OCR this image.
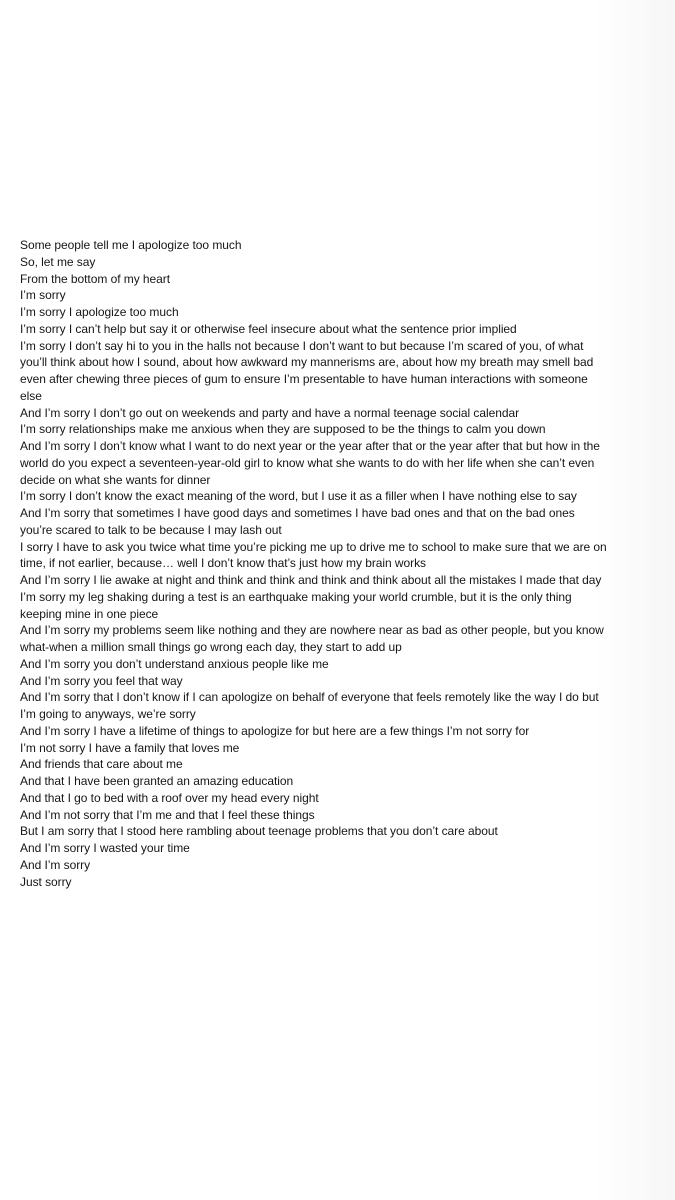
Some people tell me I apologize too much
So, let me say
From the bottom of my heart
I’m sorry
I’m sorry I apologize too much
I’m sorry I can’t help but say it or otherwise feel insecure about what the sentence prior implied
I’m sorry I don’t say hi to you in the halls not because I don’t want to but because I’m scared of you, of what you’ll think about how I sound, about how awkward my mannerisms are, about how my breath may smell bad even after chewing three pieces of gum to ensure I’m presentable to have human interactions with someone else
And I’m sorry I don’t go out on weekends and party and have a normal teenage social calendar
I’m sorry relationships make me anxious when they are supposed to be the things to calm you down
And I’m sorry I don’t know what I want to do next year or the year after that or the year after that but how in the world do you expect a seventeen-year-old girl to know what she wants to do with her life when she can’t even decide on what she wants for dinner
I’m sorry I don’t know the exact meaning of the word, but I use it as a filler when I have nothing else to say
And I’m sorry that sometimes I have good days and sometimes I have bad ones and that on the bad ones you’re scared to talk to be because I may lash out
I sorry I have to ask you twice what time you’re picking me up to drive me to school to make sure that we are on time, if not earlier, because… well I don’t know that’s just how my brain works
And I’m sorry I lie awake at night and think and think and think and think about all the mistakes I made that day
I’m sorry my leg shaking during a test is an earthquake making your world crumble, but it is the only thing keeping mine in one piece
And I’m sorry my problems seem like nothing and they are nowhere near as bad as other people, but you know what-when a million small things go wrong each day, they start to add up
And I’m sorry you don’t understand anxious people like me
And I’m sorry you feel that way
And I’m sorry that I don’t know if I can apologize on behalf of everyone that feels remotely like the way I do but I’m going to anyways, we’re sorry
And I’m sorry I have a lifetime of things to apologize for but here are a few things I’m not sorry for
I’m not sorry I have a family that loves me
And friends that care about me
And that I have been granted an amazing education
And that I go to bed with a roof over my head every night
And I’m not sorry that I’m me and that I feel these things
But I am sorry that I stood here rambling about teenage problems that you don’t care about
And I’m sorry I wasted your time
And I’m sorry
Just sorry
